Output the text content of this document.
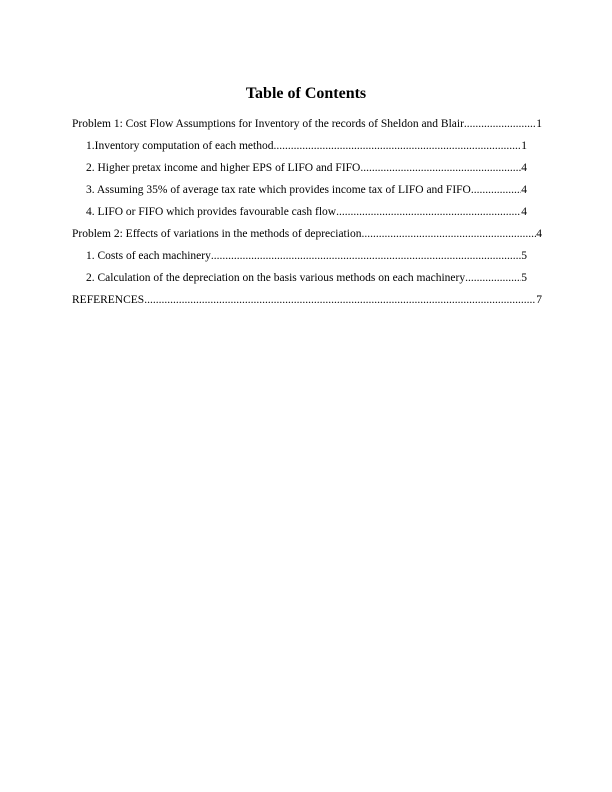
Table of Contents
Problem 1: Cost Flow Assumptions for Inventory of the records of Sheldon and Blair .....	1
1.Inventory computation of each method .....	1
2. Higher pretax income and higher EPS of LIFO and FIFO .....	4
3. Assuming 35% of average tax rate which provides income tax of LIFO and FIFO .....	4
4. LIFO or FIFO which provides favourable cash flow .....	4
Problem 2: Effects of variations in the methods of depreciation .....	4
1. Costs of each machinery .....	5
2. Calculation of the depreciation on the basis various methods on each machinery .....	5
REFERENCES .....	7
